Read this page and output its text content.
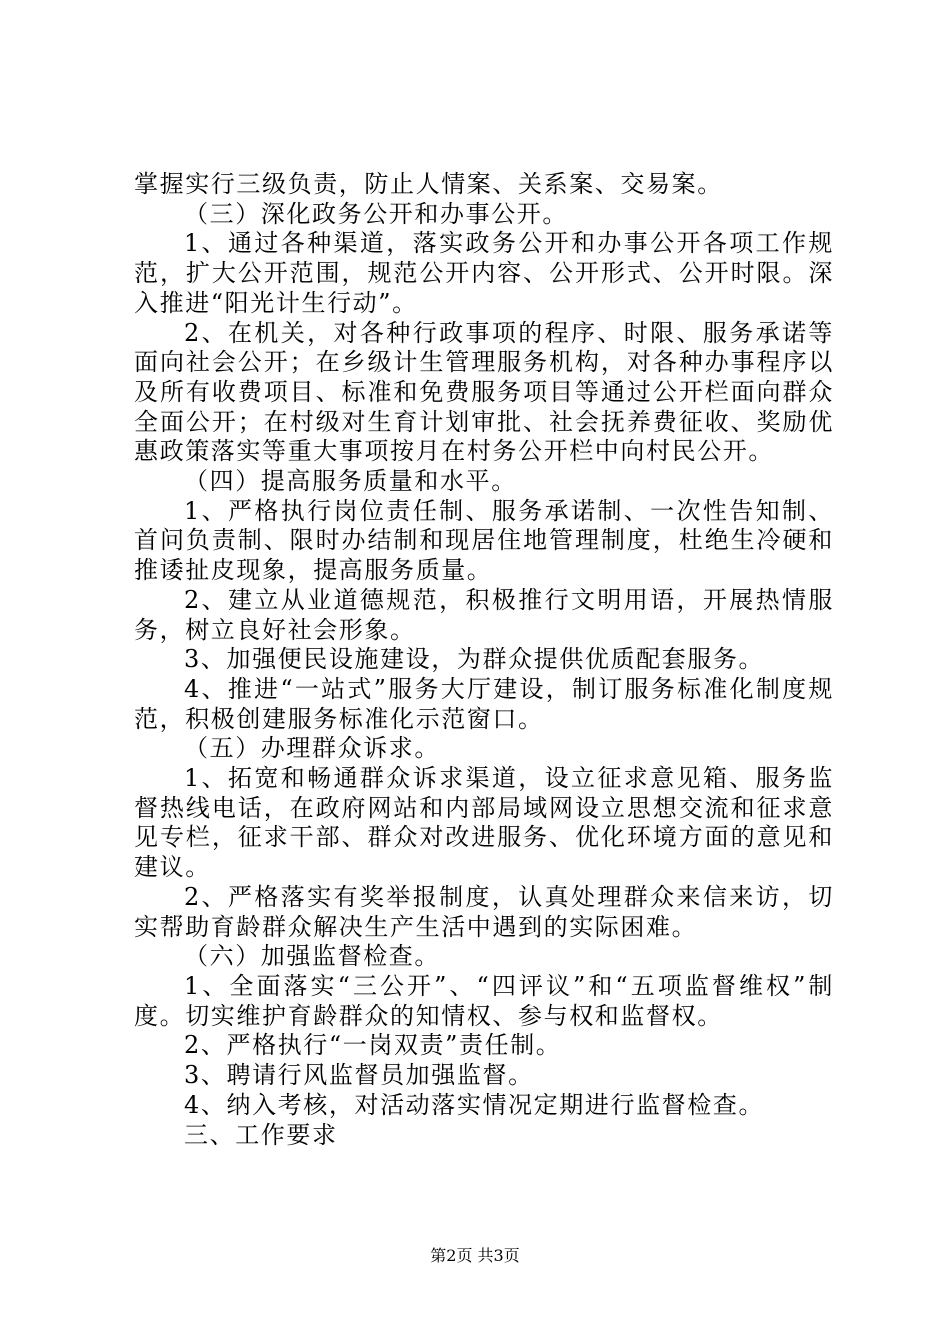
掌握实行三级负责，防止人情案、关系案、交易案。

（三）深化政务公开和办事公开。

1、通过各种渠道，落实政务公开和办事公开各项工作规范，扩大公开范围，规范公开内容、公开形式、公开时限。深入推进“阳光计生行动”。

2、在机关，对各种行政事项的程序、时限、服务承诺等面向社会公开；在乡级计生管理服务机构，对各种办事程序以及所有收费项目、标准和免费服务项目等通过公开栏面向群众全面公开；在村级对生育计划审批、社会抚养费征收、奖励优惠政策落实等重大事项按月在村务公开栏中向村民公开。

（四）提高服务质量和水平。

1、严格执行岗位责任制、服务承诺制、一次性告知制、首问负责制、限时办结制和现居住地管理制度，杜绝生冷硬和推诿扯皮现象，提高服务质量。

2、建立从业道德规范，积极推行文明用语，开展热情服务，树立良好社会形象。

3、加强便民设施建设，为群众提供优质配套服务。

4、推进“一站式”服务大厅建设，制订服务标准化制度规范，积极创建服务标准化示范窗口。

（五）办理群众诉求。

1、拓宽和畅通群众诉求渠道，设立征求意见箱、服务监督热线电话，在政府网站和内部局域网设立思想交流和征求意见专栏，征求干部、群众对改进服务、优化环境方面的意见和建议。

2、严格落实有奖举报制度，认真处理群众来信来访，切实帮助育龄群众解决生产生活中遇到的实际困难。

（六）加强监督检查。

1、全面落实“三公开”、“四评议”和“五项监督维权”制度。切实维护育龄群众的知情权、参与权和监督权。

2、严格执行“一岗双责”责任制。

3、聘请行风监督员加强监督。

4、纳入考核，对活动落实情况定期进行监督检查。

三、工作要求

第2页 共3页
